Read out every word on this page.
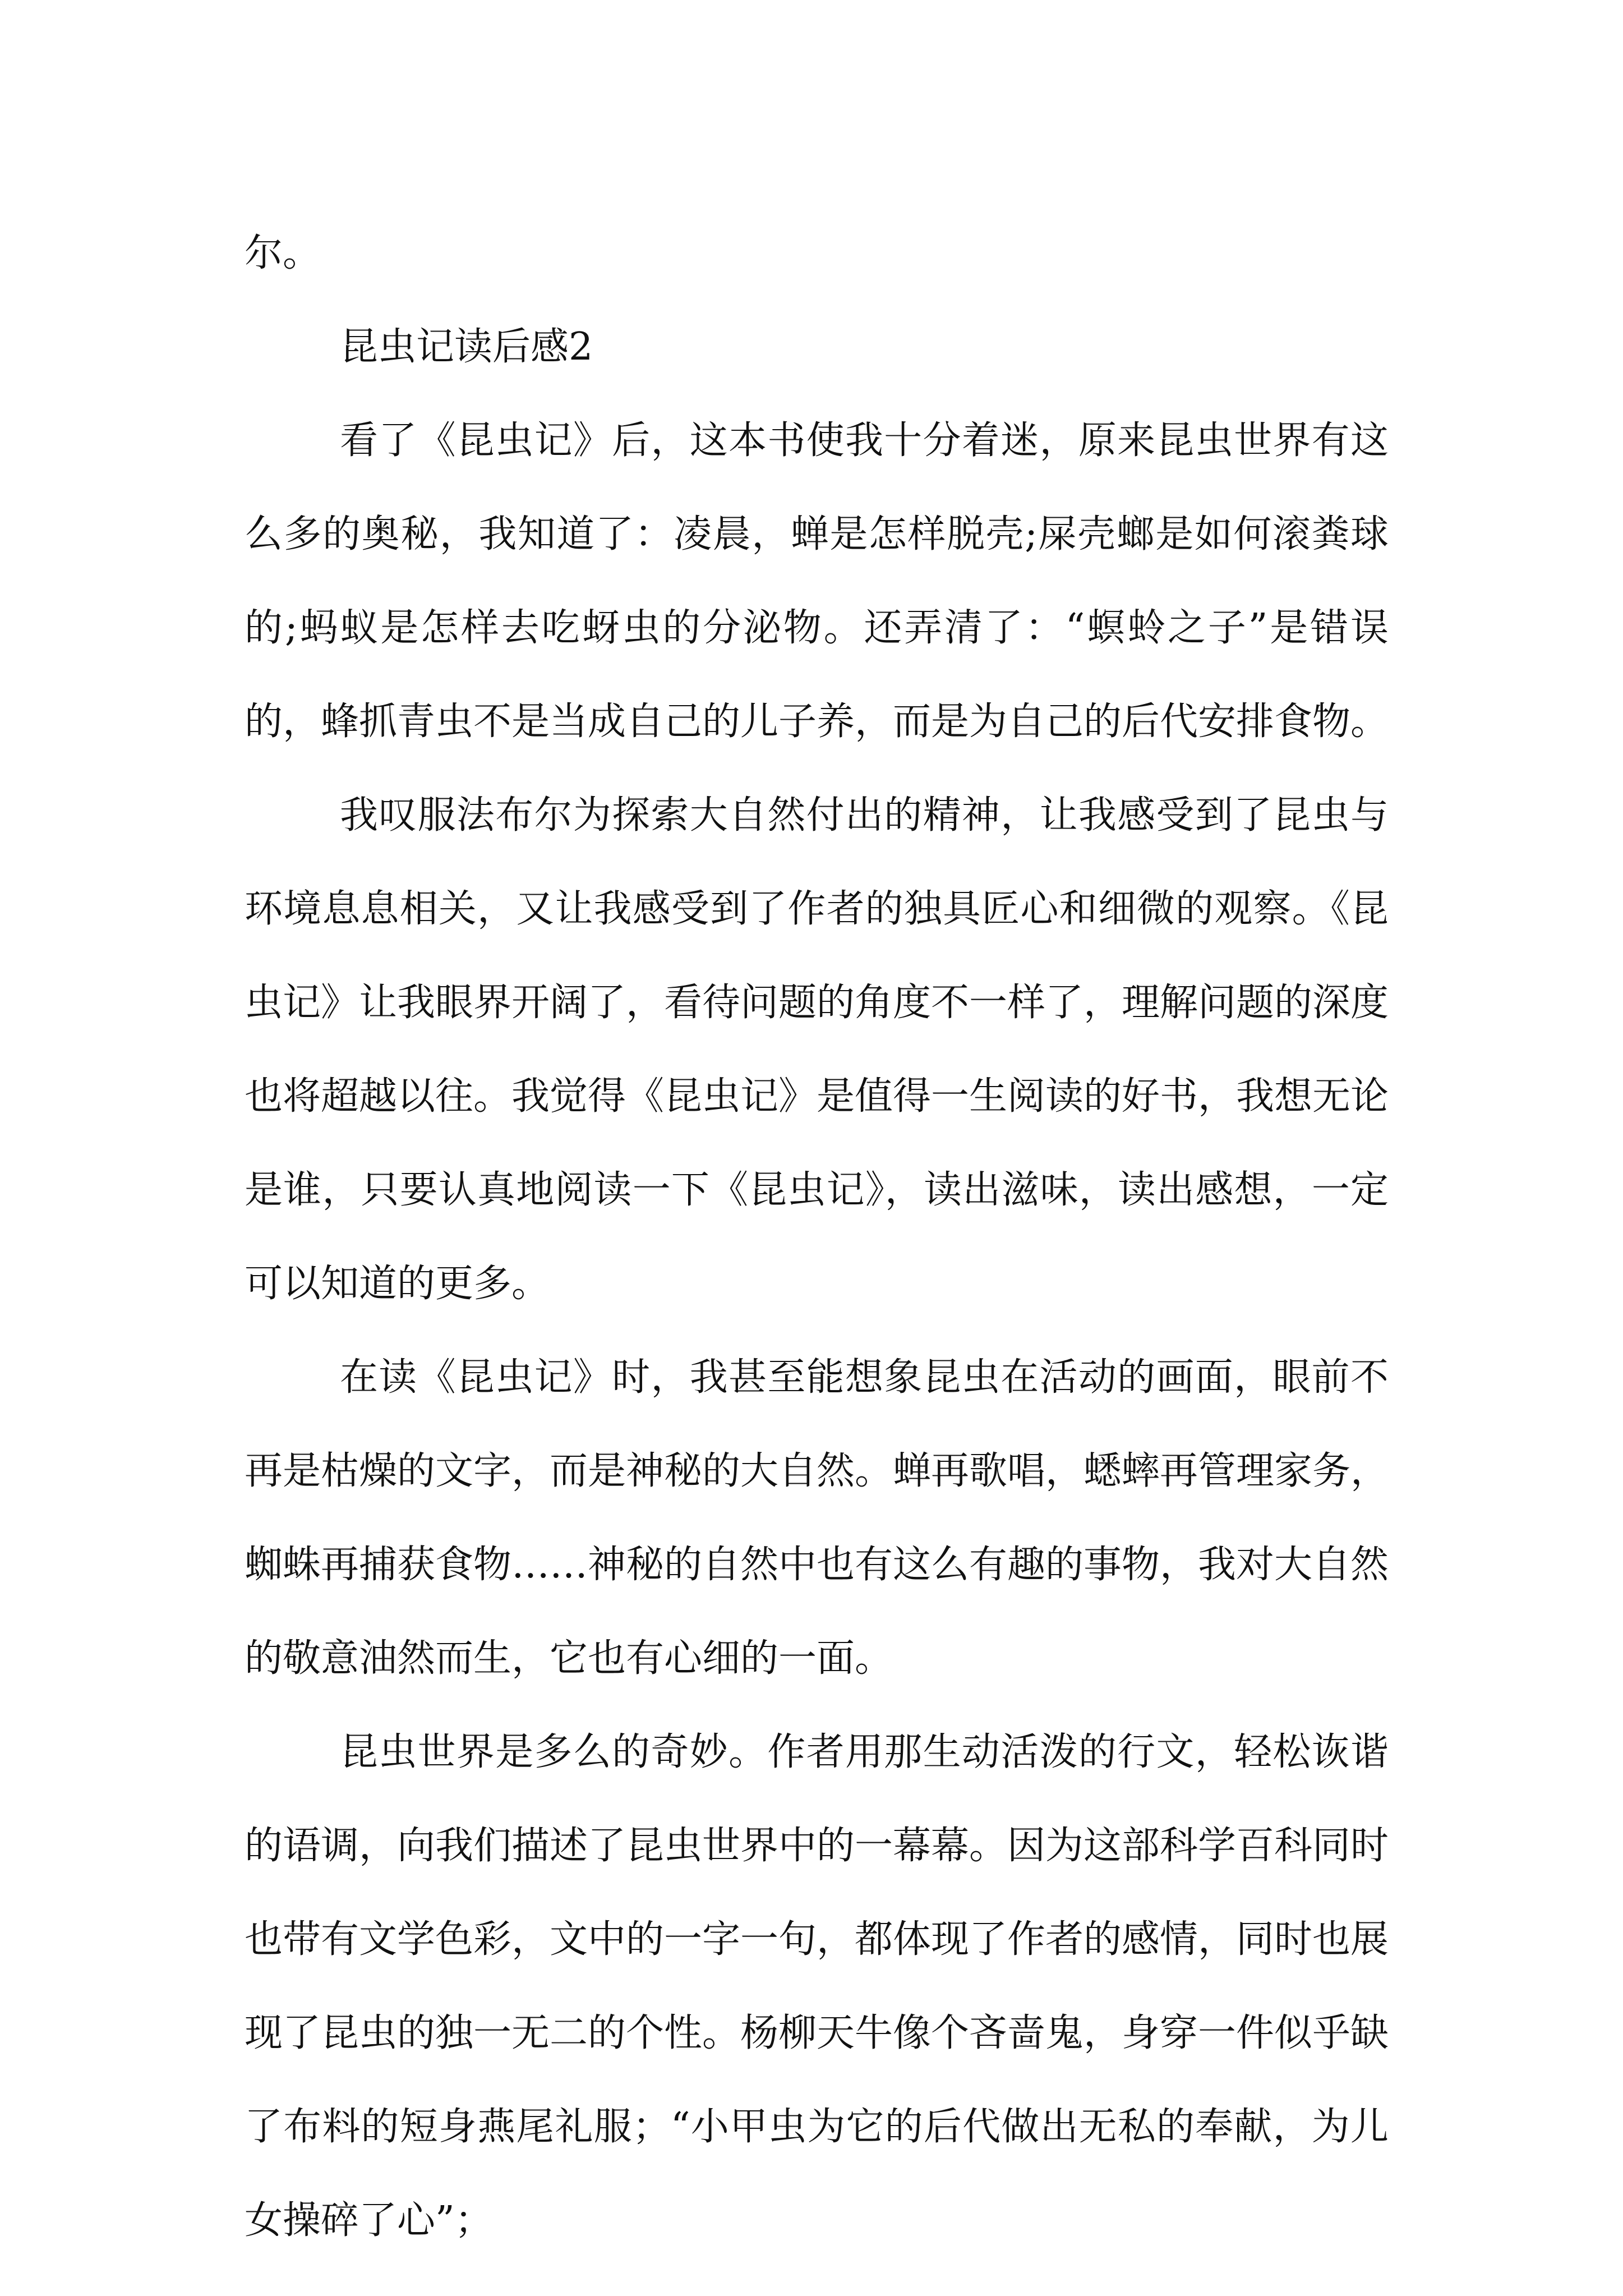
尔。

昆虫记读后感2

看了《昆虫记》后，这本书使我十分着迷，原来昆虫世界有这么多的奥秘，我知道了：凌晨，蝉是怎样脱壳;屎壳螂是如何滚粪球的;蚂蚁是怎样去吃蚜虫的分泌物。还弄清了：“螟蛉之子”是错误的，蜂抓青虫不是当成自己的儿子养，而是为自己的后代安排食物。

我叹服法布尔为探索大自然付出的精神，让我感受到了昆虫与环境息息相关，又让我感受到了作者的独具匠心和细微的观察。《昆虫记》让我眼界开阔了，看待问题的角度不一样了，理解问题的深度也将超越以往。我觉得《昆虫记》是值得一生阅读的好书，我想无论是谁，只要认真地阅读一下《昆虫记》，读出滋味，读出感想，一定可以知道的更多。

在读《昆虫记》时，我甚至能想象昆虫在活动的画面，眼前不再是枯燥的文字，而是神秘的大自然。蝉再歌唱，蟋蟀再管理家务，蜘蛛再捕获食物……神秘的自然中也有这么有趣的事物，我对大自然的敬意油然而生，它也有心细的一面。

昆虫世界是多么的奇妙。作者用那生动活泼的行文，轻松诙谐的语调，向我们描述了昆虫世界中的一幕幕。因为这部科学百科同时也带有文学色彩，文中的一字一句，都体现了作者的感情，同时也展现了昆虫的独一无二的个性。杨柳天牛像个吝啬鬼，身穿一件似乎缺了布料的短身燕尾礼服；“小甲虫为它的后代做出无私的奉献，为儿女操碎了心”；
